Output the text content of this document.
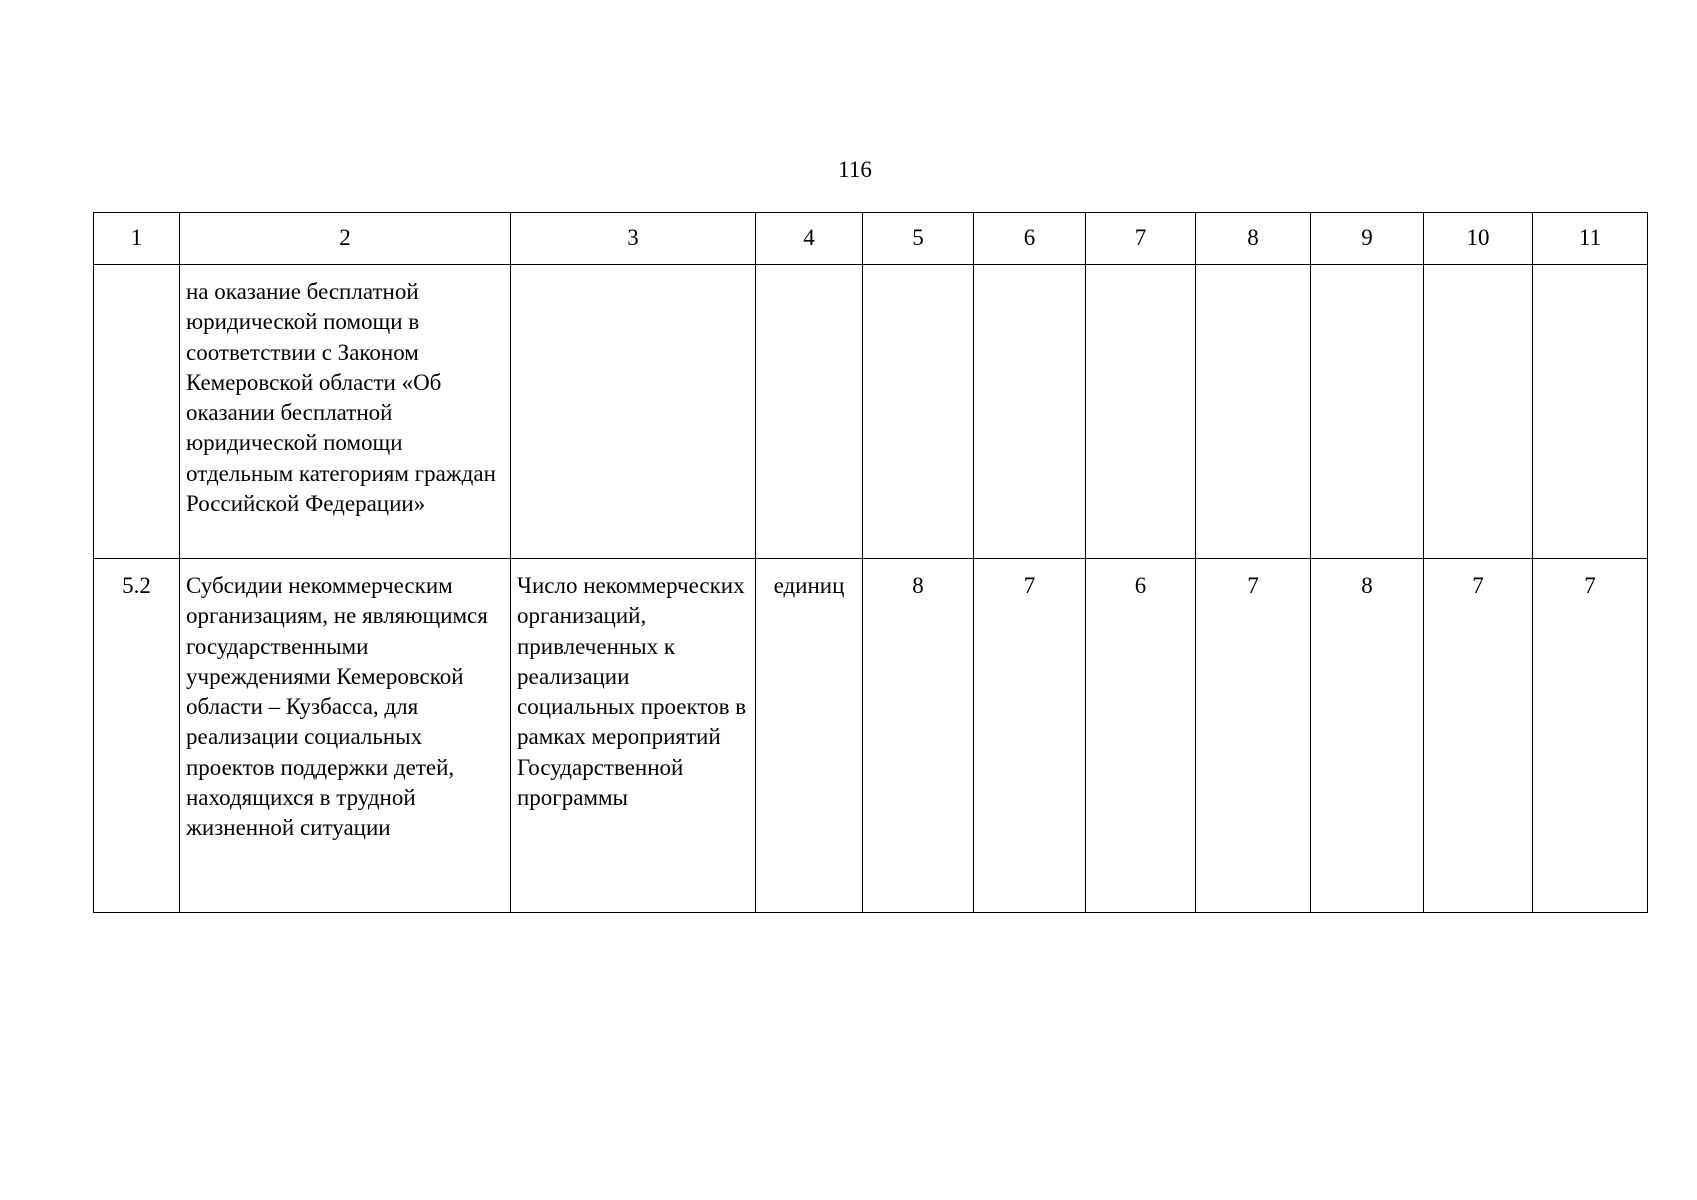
116
1	2	3	4	5	6	7	8	9	10	11
	на оказание бесплатной юридической помощи в соответствии с Законом Кемеровской области «Об оказании бесплатной юридической помощи отдельным категориям граждан Российской Федерации»									
5.2	Субсидии некоммерческим организациям, не являющимся государственными учреждениями Кемеровской области – Кузбасса, для реализации социальных проектов поддержки детей, находящихся в трудной жизненной ситуации	Число некоммерческих организаций, привлеченных к реализации социальных проектов в рамках мероприятий Государственной программы	единиц	8	7	6	7	8	7	7
